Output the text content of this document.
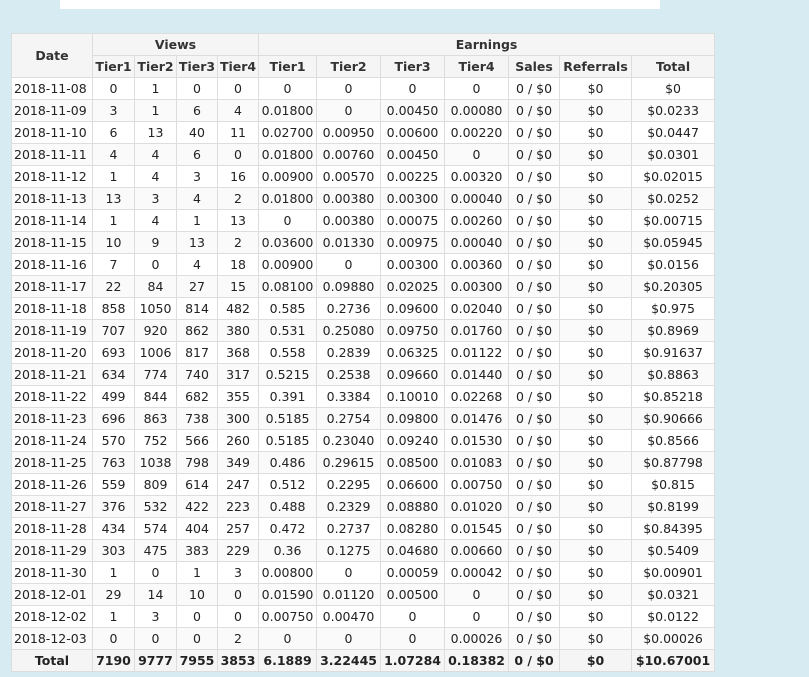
Date	Views				Earnings						
	Tier1	Tier2	Tier3	Tier4	Tier1	Tier2	Tier3	Tier4	Sales	Referrals	Total
2018-11-08	0	1	0	0	0	0	0	0	0 / $0	$0	$0
2018-11-09	3	1	6	4	0.01800	0	0.00450	0.00080	0 / $0	$0	$0.0233
2018-11-10	6	13	40	11	0.02700	0.00950	0.00600	0.00220	0 / $0	$0	$0.0447
2018-11-11	4	4	6	0	0.01800	0.00760	0.00450	0	0 / $0	$0	$0.0301
2018-11-12	1	4	3	16	0.00900	0.00570	0.00225	0.00320	0 / $0	$0	$0.02015
2018-11-13	13	3	4	2	0.01800	0.00380	0.00300	0.00040	0 / $0	$0	$0.0252
2018-11-14	1	4	1	13	0	0.00380	0.00075	0.00260	0 / $0	$0	$0.00715
2018-11-15	10	9	13	2	0.03600	0.01330	0.00975	0.00040	0 / $0	$0	$0.05945
2018-11-16	7	0	4	18	0.00900	0	0.00300	0.00360	0 / $0	$0	$0.0156
2018-11-17	22	84	27	15	0.08100	0.09880	0.02025	0.00300	0 / $0	$0	$0.20305
2018-11-18	858	1050	814	482	0.585	0.2736	0.09600	0.02040	0 / $0	$0	$0.975
2018-11-19	707	920	862	380	0.531	0.25080	0.09750	0.01760	0 / $0	$0	$0.8969
2018-11-20	693	1006	817	368	0.558	0.2839	0.06325	0.01122	0 / $0	$0	$0.91637
2018-11-21	634	774	740	317	0.5215	0.2538	0.09660	0.01440	0 / $0	$0	$0.8863
2018-11-22	499	844	682	355	0.391	0.3384	0.10010	0.02268	0 / $0	$0	$0.85218
2018-11-23	696	863	738	300	0.5185	0.2754	0.09800	0.01476	0 / $0	$0	$0.90666
2018-11-24	570	752	566	260	0.5185	0.23040	0.09240	0.01530	0 / $0	$0	$0.8566
2018-11-25	763	1038	798	349	0.486	0.29615	0.08500	0.01083	0 / $0	$0	$0.87798
2018-11-26	559	809	614	247	0.512	0.2295	0.06600	0.00750	0 / $0	$0	$0.815
2018-11-27	376	532	422	223	0.488	0.2329	0.08880	0.01020	0 / $0	$0	$0.8199
2018-11-28	434	574	404	257	0.472	0.2737	0.08280	0.01545	0 / $0	$0	$0.84395
2018-11-29	303	475	383	229	0.36	0.1275	0.04680	0.00660	0 / $0	$0	$0.5409
2018-11-30	1	0	1	3	0.00800	0	0.00059	0.00042	0 / $0	$0	$0.00901
2018-12-01	29	14	10	0	0.01590	0.01120	0.00500	0	0 / $0	$0	$0.0321
2018-12-02	1	3	0	0	0.00750	0.00470	0	0	0 / $0	$0	$0.0122
2018-12-03	0	0	0	2	0	0	0	0.00026	0 / $0	$0	$0.00026
Total	7190	9777	7955	3853	6.1889	3.22445	1.07284	0.18382	0 / $0	$0	$10.67001
